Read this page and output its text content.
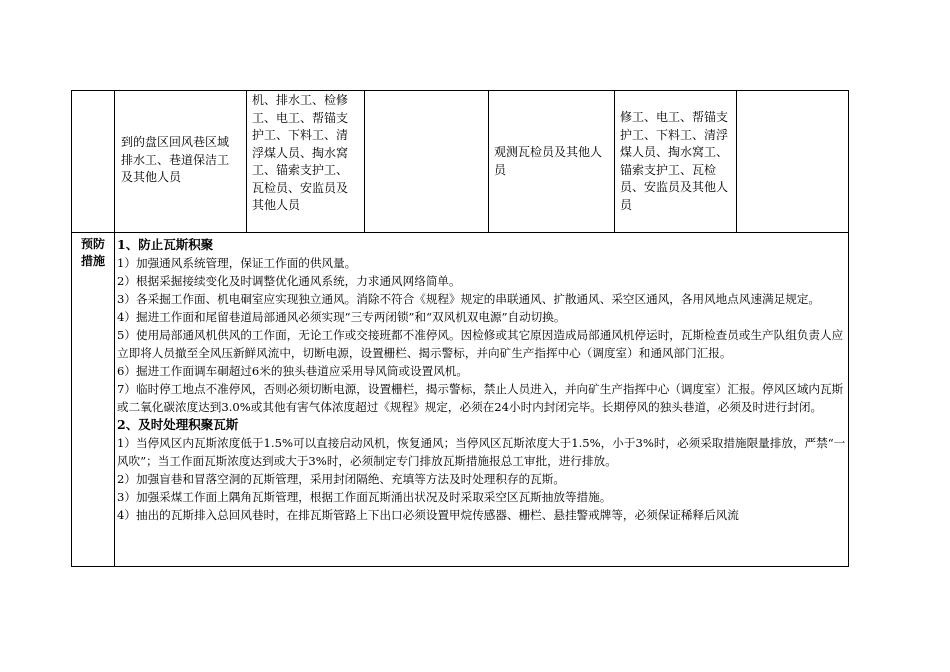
到的盘区回风巷区域排水工、巷道保洁工及其他人员
机、排水工、检修工、电工、帮锚支护工、下料工、清浮煤人员、掏水窝工、锚索支护工、瓦检员、安监员及其他人员
观测瓦检员及其他人员
修工、电工、帮锚支护工、下料工、清浮煤人员、掏水窝工、锚索支护工、瓦检员、安监员及其他人员
预防措施

1、防止瓦斯积聚

1）加强通风系统管理，保证工作面的供风量。

2）根据采掘接续变化及时调整优化通风系统，力求通风网络简单。

3）各采掘工作面、机电硐室应实现独立通风。消除不符合《规程》规定的串联通风、扩散通风、采空区通风，各用风地点风速满足规定。

4）掘进工作面和尾留巷道局部通风必须实现“三专两闭锁”和“双风机双电源”自动切换。

5）使用局部通风机供风的工作面，无论工作或交接班都不准停风。因检修或其它原因造成局部通风机停运时，瓦斯检查员或生产队组负责人应立即将人员撤至全风压新鲜风流中，切断电源，设置栅栏、揭示警标，并向矿生产指挥中心（调度室）和通风部门汇报。

6）掘进工作面调车硐超过6米的独头巷道应采用导风筒或设置风机。

7）临时停工地点不准停风，否则必须切断电源，设置栅栏，揭示警标，禁止人员进入，并向矿生产指挥中心（调度室）汇报。停风区域内瓦斯或二氧化碳浓度达到3.0%或其他有害气体浓度超过《规程》规定，必须在24小时内封闭完毕。长期停风的独头巷道，必须及时进行封闭。

2、及时处理积聚瓦斯

1）当停风区内瓦斯浓度低于1.5%可以直接启动风机，恢复通风；当停风区瓦斯浓度大于1.5%，小于3%时，必须采取措施限量排放，严禁“一风吹”；当工作面瓦斯浓度达到或大于3%时，必须制定专门排放瓦斯措施报总工审批，进行排放。

2）加强盲巷和冒落空洞的瓦斯管理，采用封闭隔绝、充填等方法及时处理积存的瓦斯。

3）加强采煤工作面上隅角瓦斯管理，根据工作面瓦斯涌出状况及时采取采空区瓦斯抽放等措施。

4）抽出的瓦斯排入总回风巷时，在排瓦斯管路上下出口必须设置甲烷传感器、栅栏、悬挂警戒牌等，必须保证稀释后风流
